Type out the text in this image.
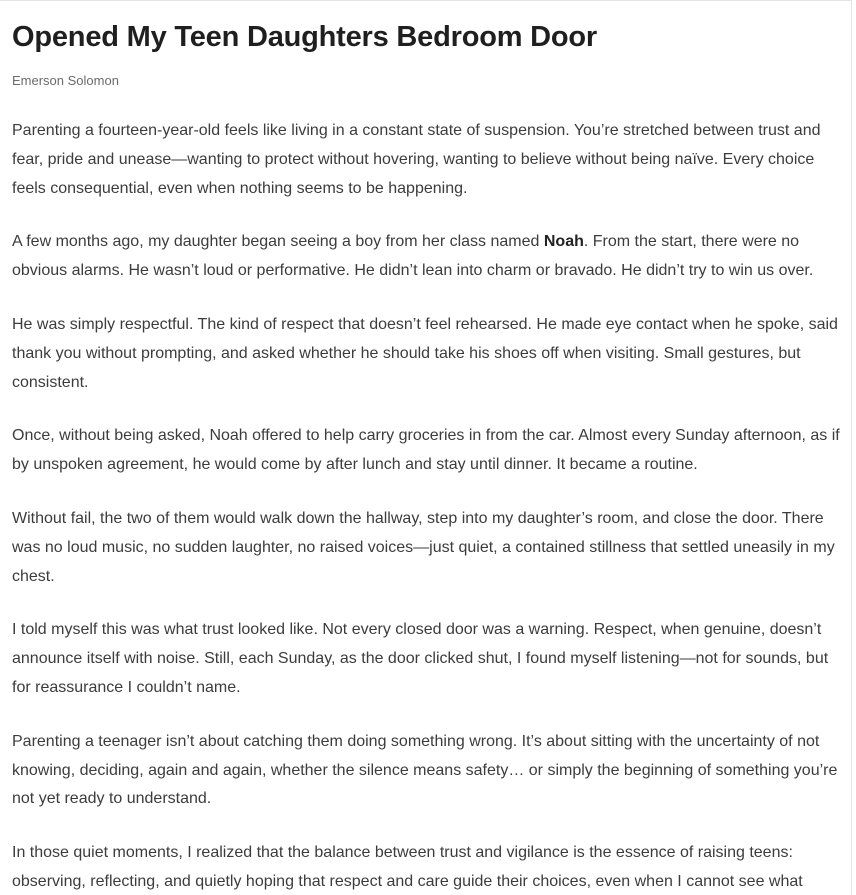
Opened My Teen Daughters Bedroom Door
Emerson Solomon

Parenting a fourteen-year-old feels like living in a constant state of suspension. You’re stretched between trust and fear, pride and unease—wanting to protect without hovering, wanting to believe without being naïve. Every choice feels consequential, even when nothing seems to be happening.

A few months ago, my daughter began seeing a boy from her class named Noah. From the start, there were no obvious alarms. He wasn’t loud or performative. He didn’t lean into charm or bravado. He didn’t try to win us over.

He was simply respectful. The kind of respect that doesn’t feel rehearsed. He made eye contact when he spoke, said thank you without prompting, and asked whether he should take his shoes off when visiting. Small gestures, but consistent.

Once, without being asked, Noah offered to help carry groceries in from the car. Almost every Sunday afternoon, as if by unspoken agreement, he would come by after lunch and stay until dinner. It became a routine.

Without fail, the two of them would walk down the hallway, step into my daughter’s room, and close the door. There was no loud music, no sudden laughter, no raised voices—just quiet, a contained stillness that settled uneasily in my chest.

I told myself this was what trust looked like. Not every closed door was a warning. Respect, when genuine, doesn’t announce itself with noise. Still, each Sunday, as the door clicked shut, I found myself listening—not for sounds, but for reassurance I couldn’t name.

Parenting a teenager isn’t about catching them doing something wrong. It’s about sitting with the uncertainty of not knowing, deciding, again and again, whether the silence means safety… or simply the beginning of something you’re not yet ready to understand.

In those quiet moments, I realized that the balance between trust and vigilance is the essence of raising teens: observing, reflecting, and quietly hoping that respect and care guide their choices, even when I cannot see what
